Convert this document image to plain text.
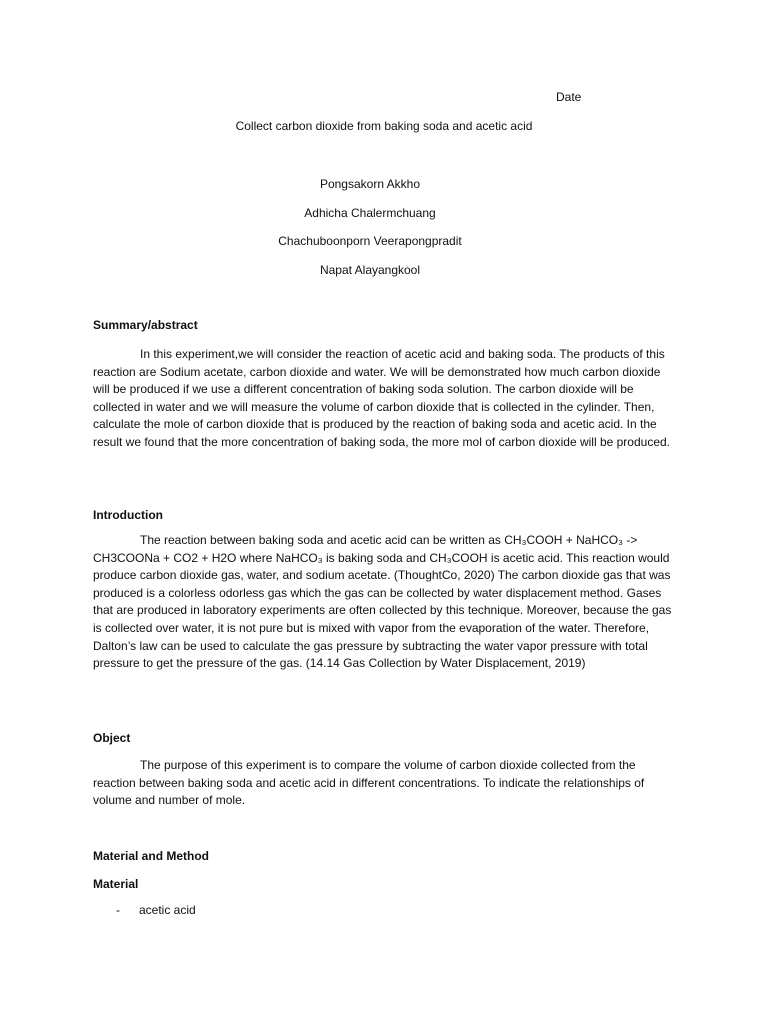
Date
Collect carbon dioxide from baking soda and acetic acid
Pongsakorn Akkho
Adhicha Chalermchuang
Chachuboonporn Veerapongpradit
Napat Alayangkool
Summary/abstract
In this experiment,we will consider the reaction of acetic acid and baking soda. The products of this reaction are Sodium acetate, carbon dioxide and water. We will be demonstrated how much carbon dioxide will be produced if we use a different concentration of baking soda solution. The carbon dioxide will be collected in water and we will measure the volume of carbon dioxide that is collected in the cylinder. Then, calculate the mole of carbon dioxide that is produced by the reaction of baking soda and acetic acid. In the result we found that the more concentration of baking soda, the more mol of carbon dioxide will be produced.
Introduction
The reaction between baking soda and acetic acid can be written as CH₃COOH + NaHCO₃ -> CH3COONa + CO2 + H2O where NaHCO₃ is baking soda and CH₃COOH is acetic acid. This reaction would produce carbon dioxide gas, water, and sodium acetate. (ThoughtCo, 2020) The carbon dioxide gas that was produced is a colorless odorless gas which the gas can be collected by water displacement method. Gases that are produced in laboratory experiments are often collected by this technique. Moreover, because the gas is collected over water, it is not pure but is mixed with vapor from the evaporation of the water. Therefore, Dalton’s law can be used to calculate the gas pressure by subtracting the water vapor pressure with total pressure to get the pressure of the gas. (14.14 Gas Collection by Water Displacement, 2019)
Object
The purpose of this experiment is to compare the volume of carbon dioxide collected from the reaction between baking soda and acetic acid in different concentrations. To indicate the relationships of volume and number of mole.
Material and Method
Material
- acetic acid
